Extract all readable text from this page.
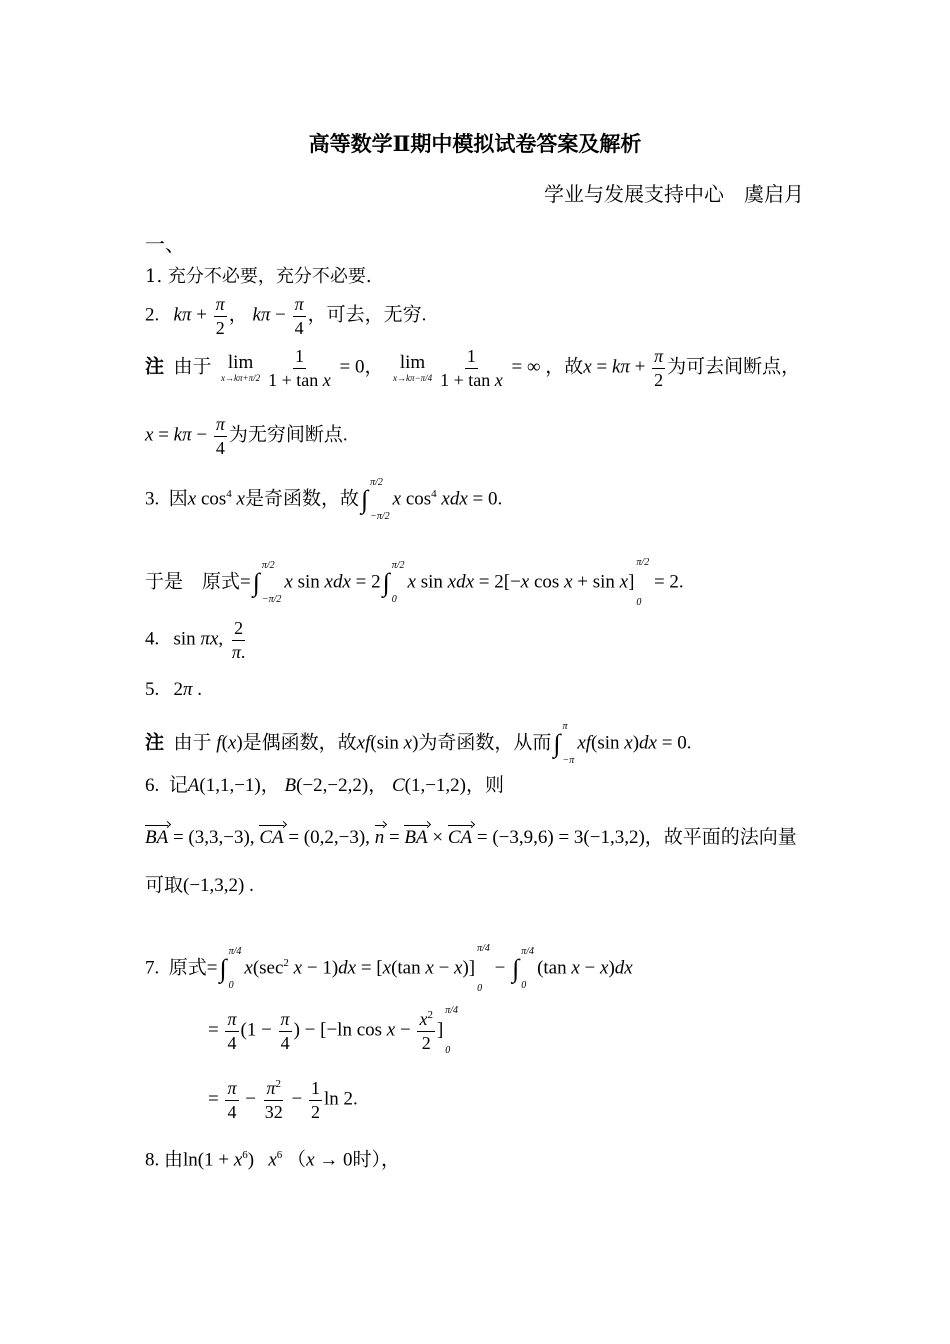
高等数学Ⅱ期中模拟试卷答案及解析
学业与发展支持中心　虞启月
一、
1. 充分不必要，充分不必要.
2. $k\pi + \frac{\pi}{2}$ ， $k\pi - \frac{\pi}{4}$ ，可去，无穷.
注 由于 lim
$x\to k\pi+\pi/2 \frac{1}{\text{1 + tan x}} = 0$， lim
$x\to k\pi-\pi/4 \frac{1}{\text{1 + tan x}}$ = ∞ ，故$x = k\pi + \frac{\pi}{2}$ 为可去间断点，
$x = k\pi - \frac{\pi}{4}$ 为无穷间断点.
3. 因x $\cos^4 x$是奇函数，故∫
π/2
−π/2
x $\cos^4$ xdx = 0.
于是　原式=∫
π/2
−π/2
x sin xdx = 2∫
π/2
0
x sin xdx = 2[−x cos x + sin x]
π/2
0
= 2.
4.   sin πx, $\frac{2}{\pi.}$
5.   2π .
注 由于 f(x)是偶函数，故xf(sin x)为奇函数，从而∫
π
−π
xf(sin x)dx = 0.
6. 记A(1,1,−1)， B(−2,−2,2)， C(1,−1,2)，则
BA = (3,3,−3), CA = (0,2,−3), n = BA × CA = (−3,9,6) = 3(−1,3,2)，故平面的法向量
可取(−1,3,2) .
7. 原式=∫
π/4
0
$x(\sec^2$ x − 1)dx = [x(tan x − x)]
π/4
0
− ∫
π/4
0
(tan x − x)dx
= $\frac{\pi}{4} (1 - \frac{\pi}{4}$ ) − [−ln $\cos x - \frac{x^2}{2}$ ]
π/4
0
= $\frac{\pi}{4} - \frac{\pi^2}{32} - \frac{1}{2}$ ln 2.
8. 由$\ln(1 + x^6)$   $x^6$ （x → 0时），
